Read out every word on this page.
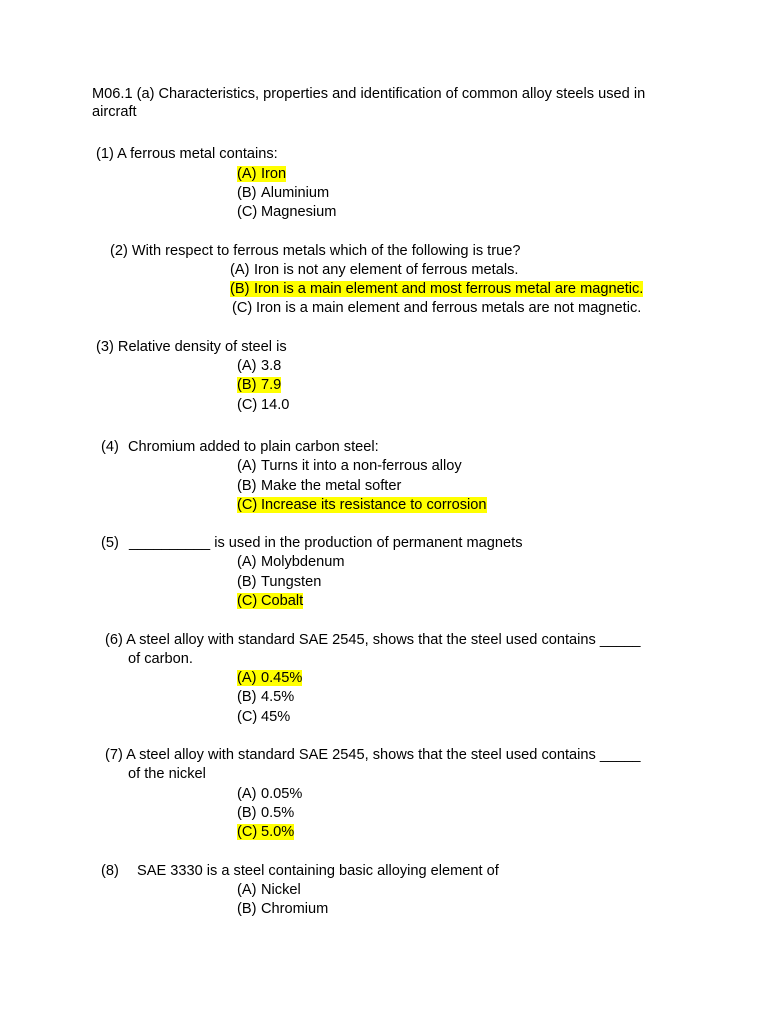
M06.1 (a) Characteristics, properties and identification of common alloy steels used in aircraft
(1) A ferrous metal contains:
(A) Iron
(B) Aluminium
(C) Magnesium
(2) With respect to ferrous metals which of the following is true?
(A) Iron is not any element of ferrous metals.
(B) Iron is a main element and most ferrous metal are magnetic.
(C) Iron is a main element and ferrous metals are not magnetic.
(3) Relative density of steel is
(A) 3.8
(B) 7.9
(C) 14.0
(4) Chromium added to plain carbon steel:
(A) Turns it into a non-ferrous alloy
(B) Make the metal softer
(C) Increase its resistance to corrosion
(5) __________ is used in the production of permanent magnets
(A) Molybdenum
(B) Tungsten
(C) Cobalt
(6) A steel alloy with standard SAE 2545, shows that the steel used contains _____
of carbon.
(A) 0.45%
(B) 4.5%
(C) 45%
(7) A steel alloy with standard SAE 2545, shows that the steel used contains _____
of the nickel
(A) 0.05%
(B) 0.5%
(C) 5.0%
(8) SAE 3330 is a steel containing basic alloying element of
(A) Nickel
(B) Chromium
